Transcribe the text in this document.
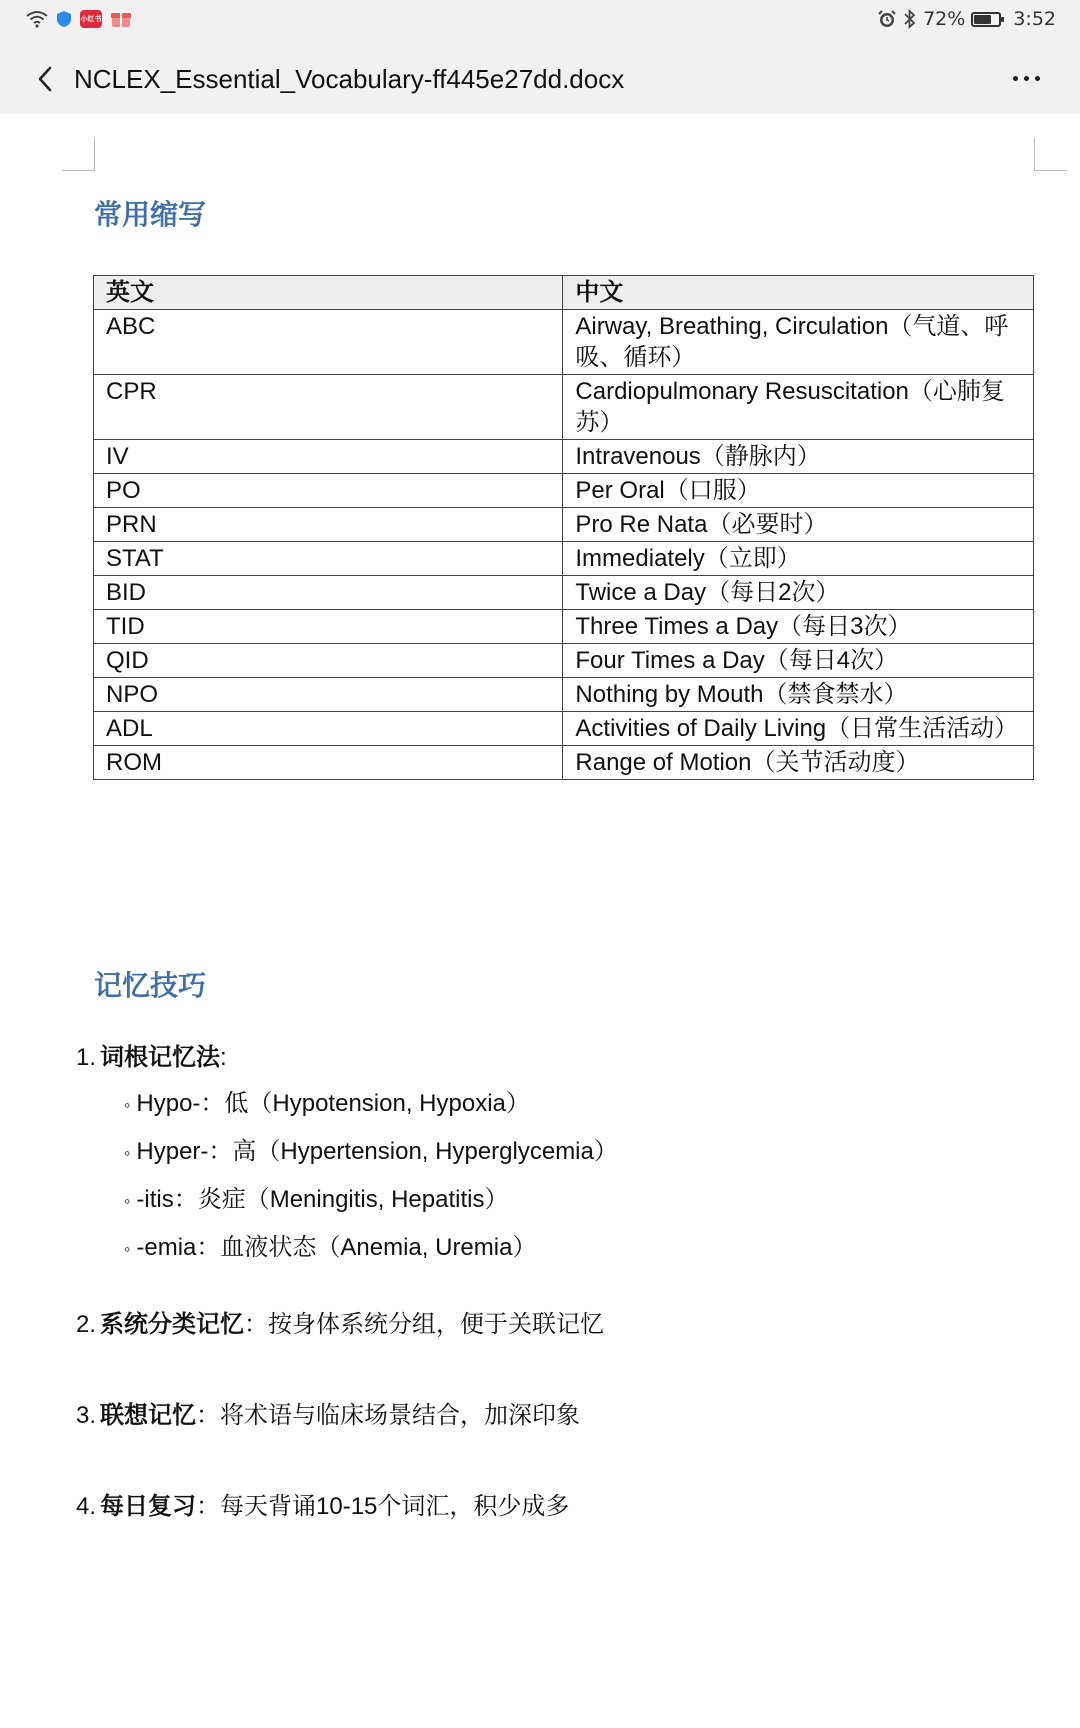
小红书	72%	3:52
NCLEX_Essential_Vocabulary-ff445e27dd.docx
常用缩写
英文	中文
ABC	Airway, Breathing, Circulation（气道、呼吸、循环）
CPR	Cardiopulmonary Resuscitation（心肺复苏）
IV	Intravenous（静脉内）
PO	Per Oral（口服）
PRN	Pro Re Nata（必要时）
STAT	Immediately（立即）
BID	Twice a Day（每日2次）
TID	Three Times a Day（每日3次）
QID	Four Times a Day（每日4次）
NPO	Nothing by Mouth（禁食禁水）
ADL	Activities of Daily Living（日常生活活动）
ROM	Range of Motion（关节活动度）
记忆技巧
1. 词根记忆法:
◦ Hypo-：低（Hypotension, Hypoxia）
◦ Hyper-：高（Hypertension, Hyperglycemia）
◦ -itis：炎症（Meningitis, Hepatitis）
◦ -emia：血液状态（Anemia, Uremia）
2. 系统分类记忆：按身体系统分组，便于关联记忆
3. 联想记忆：将术语与临床场景结合，加深印象
4. 每日复习：每天背诵10-15个词汇，积少成多
